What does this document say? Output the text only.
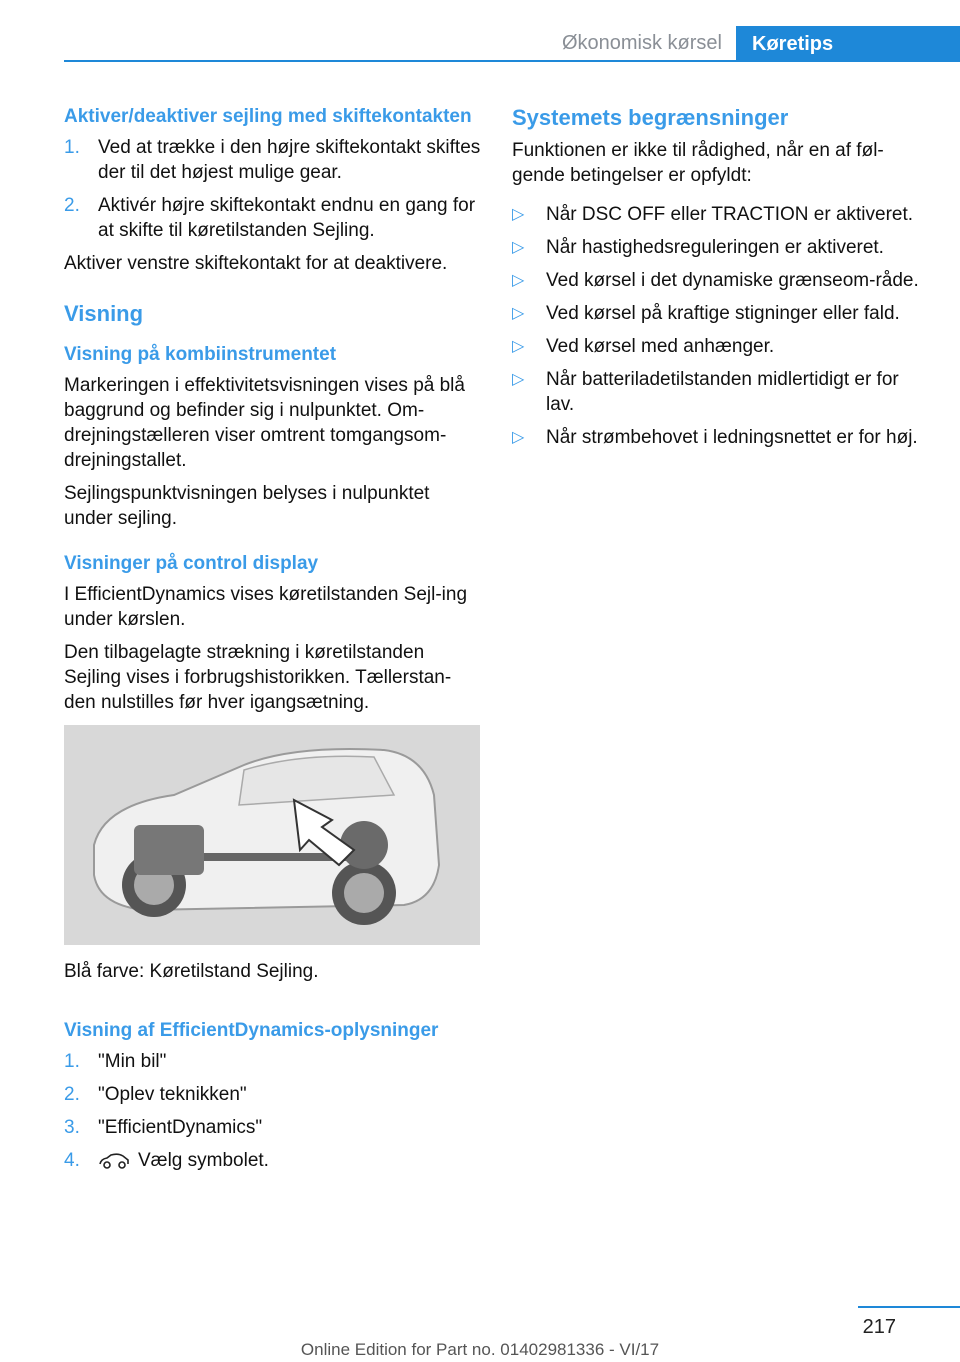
Økonomisk kørsel	Køretips
Aktiver/deaktiver sejling med skiftekontakten
1. Ved at trække i den højre skiftekontakt skiftes der til det højest mulige gear.
2. Aktivér højre skiftekontakt endnu en gang for at skifte til køretilstanden Sejling.

Aktiver venstre skiftekontakt for at deaktivere.

Visning
Visning på kombiinstrumentet

Markeringen i effektivitetsvisningen vises på blå baggrund og befinder sig i nulpunktet. Om-drejningstælleren viser omtrent tomgangsom-drejningstallet.

Sejlingspunktvisningen belyses i nulpunktet under sejling.

Visninger på control display

I EfficientDynamics vises køretilstanden Sejl-ing under kørslen.

Den tilbagelagte strækning i køretilstanden Sejling vises i forbrugshistorikken. Tællerstan-den nulstilles før hver igangsætning.

Blå farve: Køretilstand Sejling.

Visning af EfficientDynamics-oplysninger
1. "Min bil"
2. "Oplev teknikken"
3. "EfficientDynamics"
4.	Vælg symbolet.
Systemets begrænsninger

Funktionen er ikke til rådighed, når en af føl-gende betingelser er opfyldt:

▷ Når DSC OFF eller TRACTION er aktiveret.
▷ Når hastighedsreguleringen er aktiveret.
▷ Ved kørsel i det dynamiske grænseom-råde.
▷ Ved kørsel på kraftige stigninger eller fald.
▷ Ved kørsel med anhænger.
▷ Når batteriladetilstanden midlertidigt er for lav.
▷ Når strømbehovet i ledningsnettet er for høj.
217
Online Edition for Part no. 01402981336 - VI/17
